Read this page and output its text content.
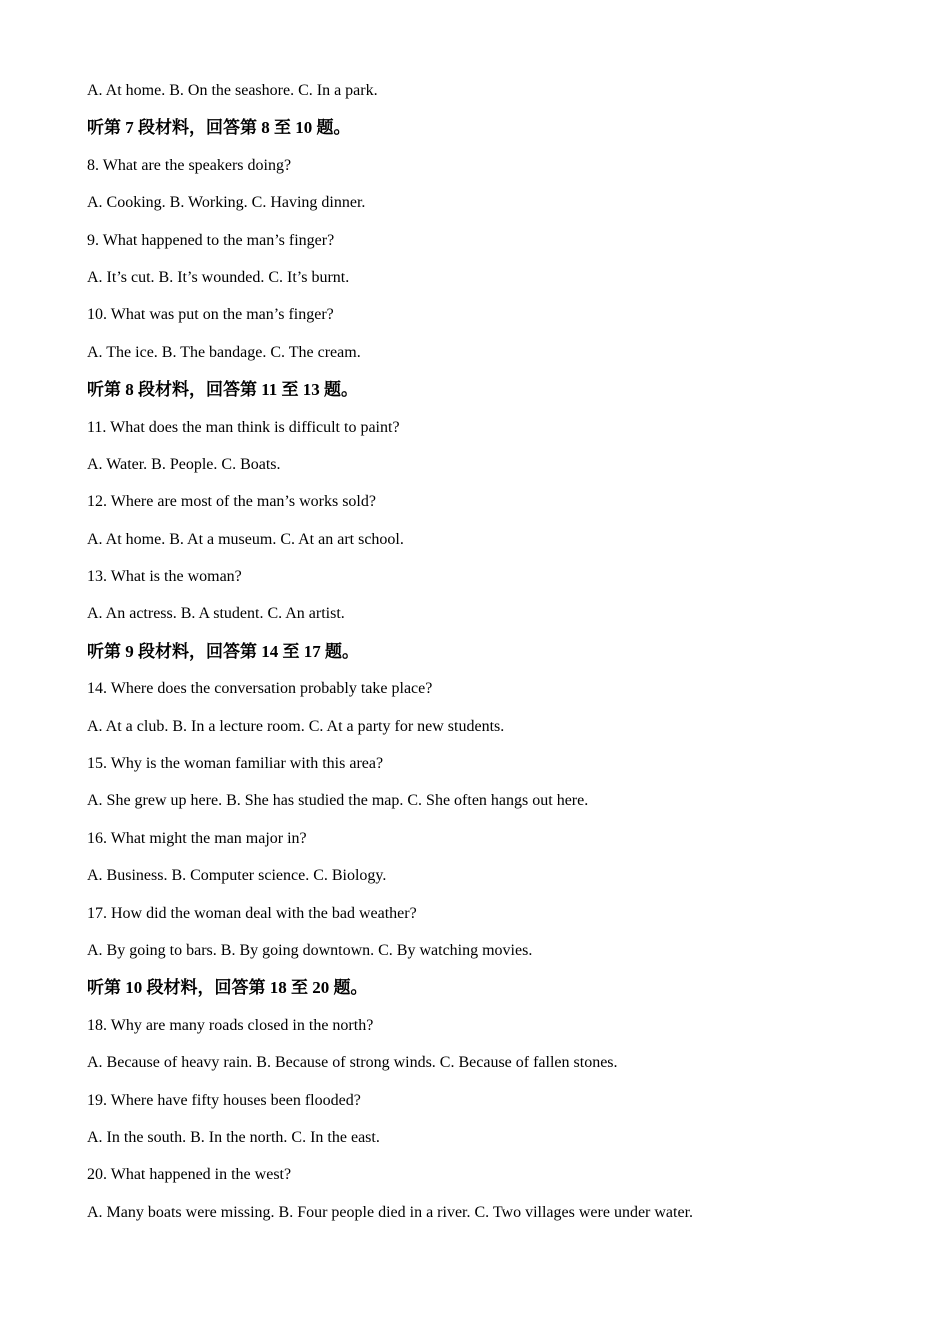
A. At home. B. On the seashore. C. In a park.
听第 7 段材料，回答第 8 至 10 题。
8. What are the speakers doing?
A. Cooking. B. Working. C. Having dinner.
9. What happened to the man’s finger?
A. It’s cut. B. It’s wounded. C. It’s burnt.
10. What was put on the man’s finger?
A. The ice. B. The bandage. C. The cream.
听第 8 段材料，回答第 11 至 13 题。
11. What does the man think is difficult to paint?
A. Water. B. People. C. Boats.
12. Where are most of the man’s works sold?
A. At home. B. At a museum. C. At an art school.
13. What is the woman?
A. An actress. B. A student. C. An artist.
听第 9 段材料，回答第 14 至 17 题。
14. Where does the conversation probably take place?
A. At a club. B. In a lecture room. C. At a party for new students.
15. Why is the woman familiar with this area?
A. She grew up here. B. She has studied the map. C. She often hangs out here.
16. What might the man major in?
A. Business. B. Computer science. C. Biology.
17. How did the woman deal with the bad weather?
A. By going to bars. B. By going downtown. C. By watching movies.
听第 10 段材料，回答第 18 至 20 题。
18. Why are many roads closed in the north?
A. Because of heavy rain. B. Because of strong winds. C. Because of fallen stones.
19. Where have fifty houses been flooded?
A. In the south. B. In the north. C. In the east.
20. What happened in the west?
A. Many boats were missing. B. Four people died in a river. C. Two villages were under water.
